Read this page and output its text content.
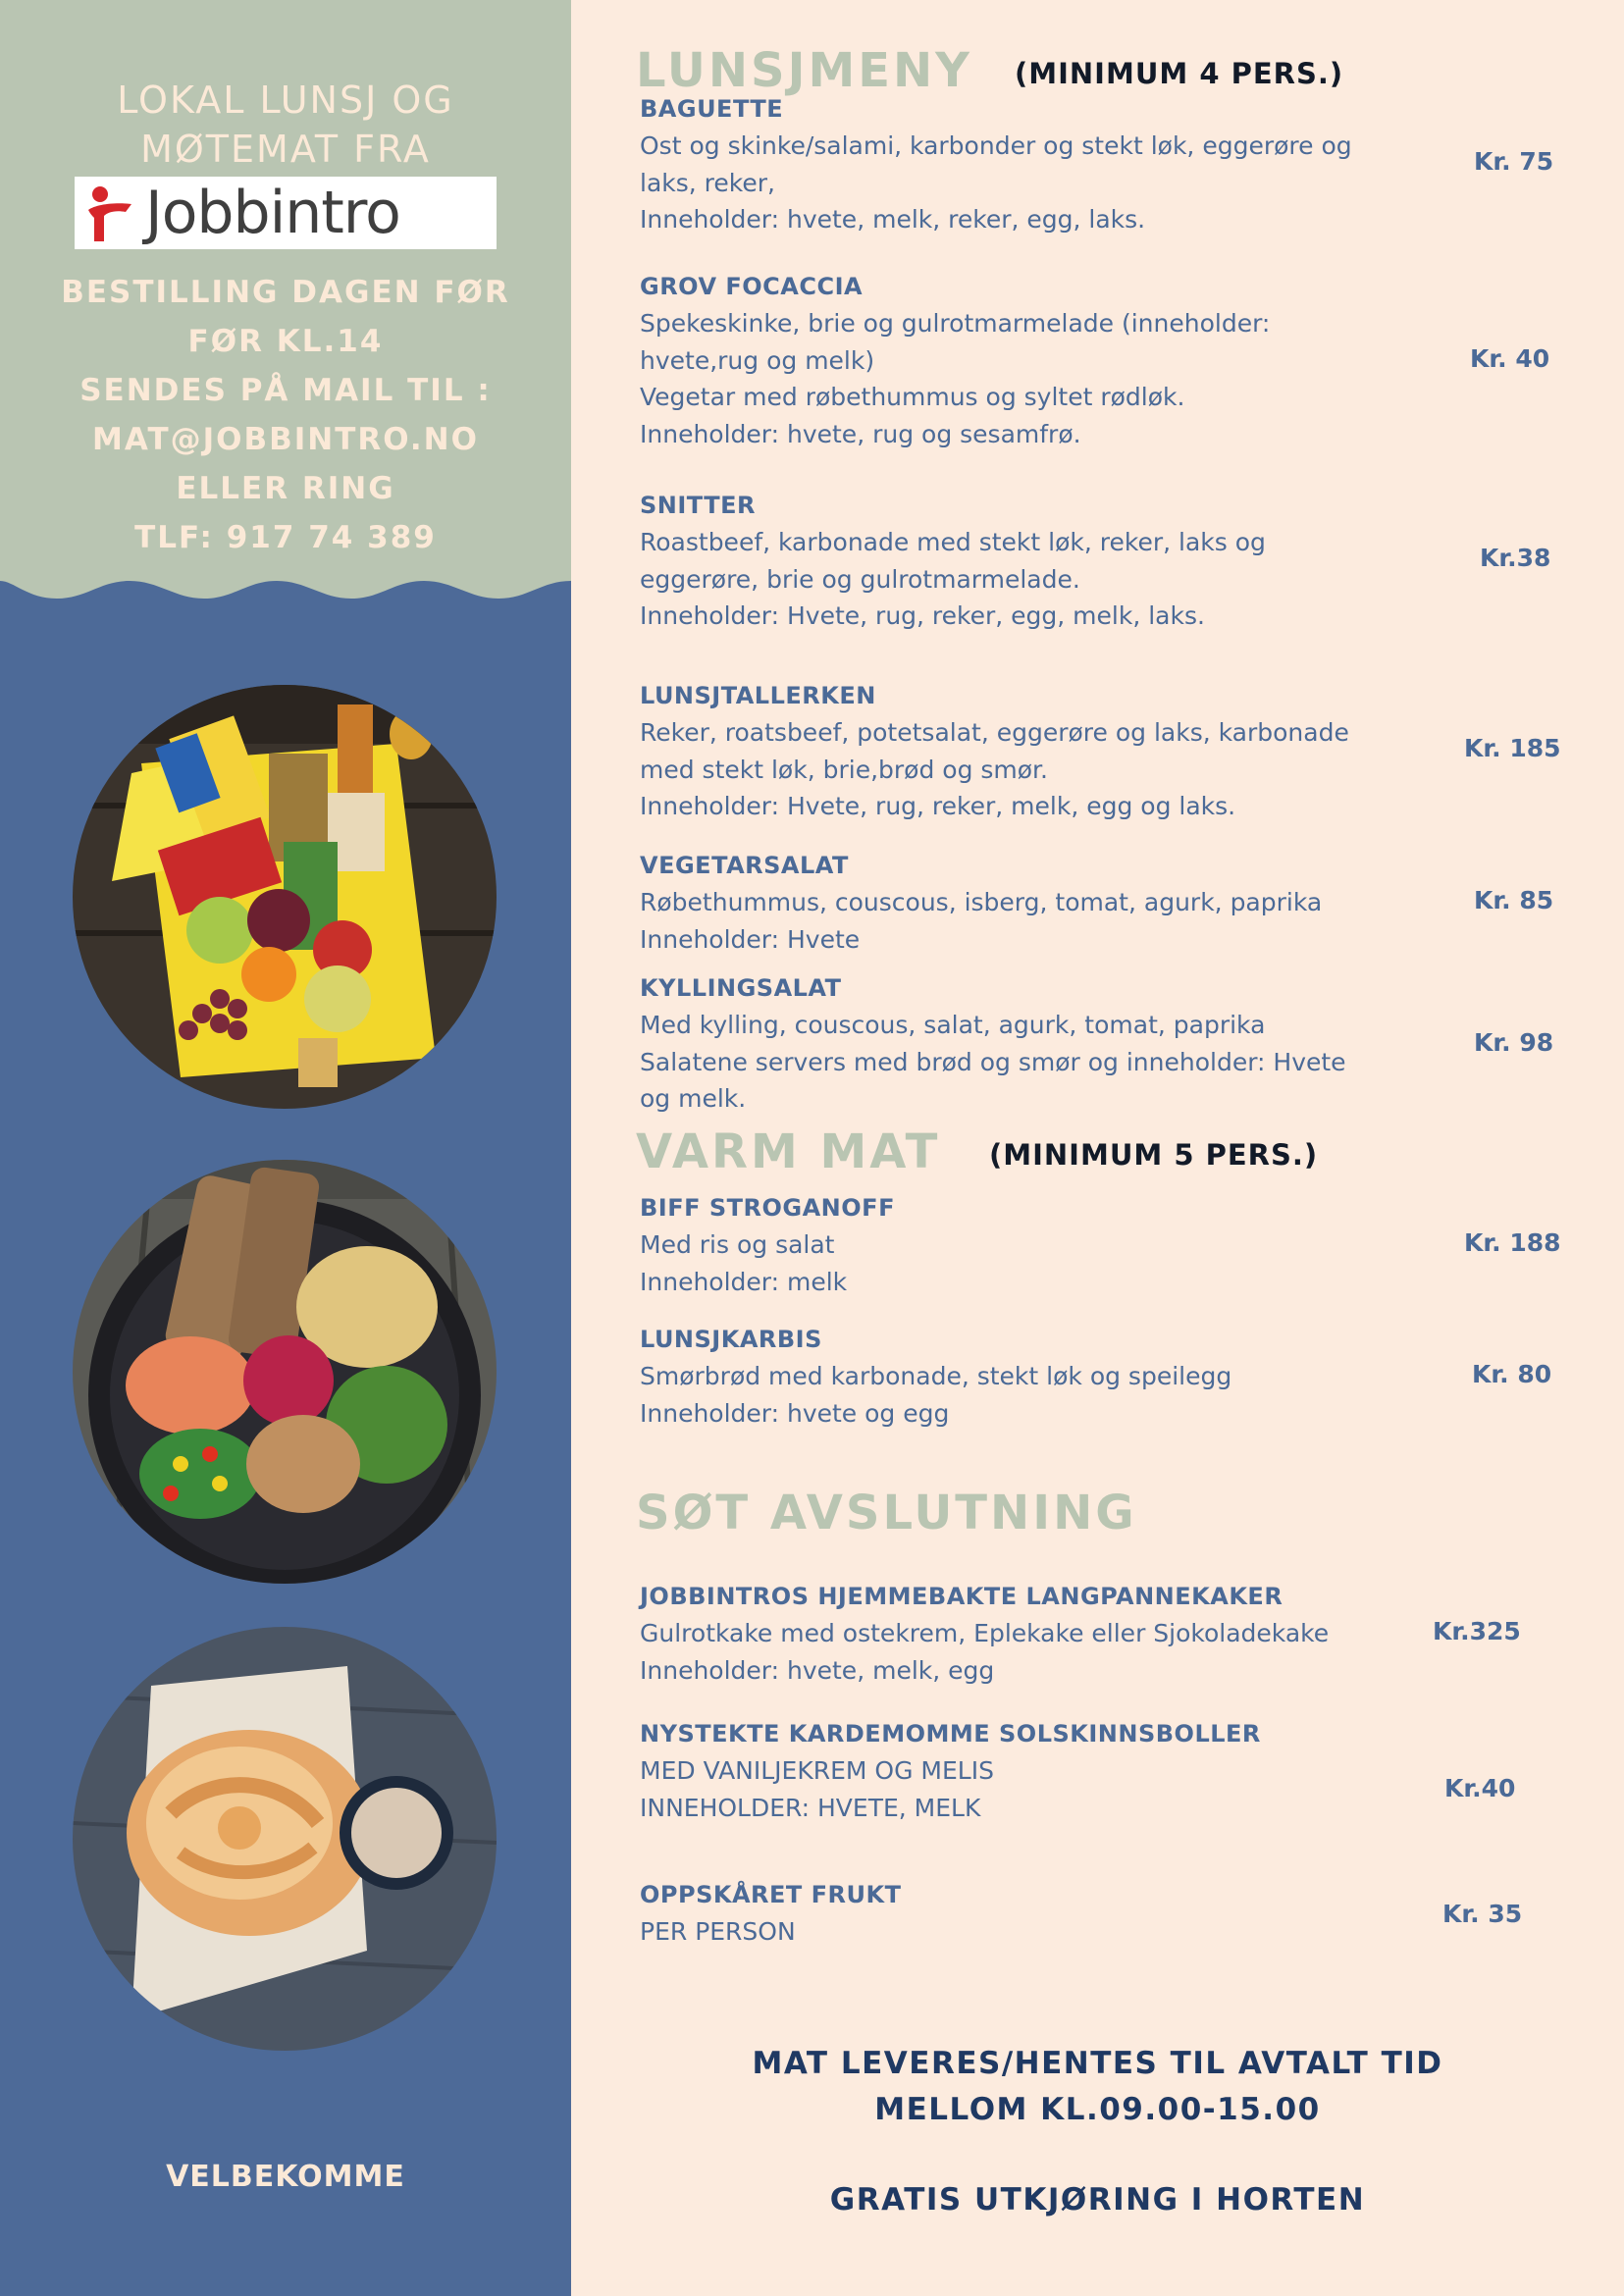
LOKAL LUNSJ OG
MØTEMAT FRA
Jobbintro
BESTILLING DAGEN FØR
FØR KL.14
SENDES PÅ MAIL TIL :
MAT@JOBBINTRO.NO
ELLER RING
TLF: 917 74 389
VELBEKOMME
LUNSJMENY (MINIMUM 4 PERS.)
BAGUETTE
Ost og skinke/salami, karbonder og stekt løk, eggerøre og
laks, reker,
Inneholder: hvete, melk, reker, egg, laks.
Kr. 75
GROV FOCACCIA
Spekeskinke, brie og gulrotmarmelade (inneholder:
hvete,rug og melk)
Vegetar med røbethummus og syltet rødløk.
Inneholder: hvete, rug og sesamfrø.
Kr. 40
SNITTER
Roastbeef, karbonade med stekt løk, reker, laks og
eggerøre, brie og gulrotmarmelade.
Inneholder: Hvete, rug, reker, egg, melk, laks.
Kr.38
LUNSJTALLERKEN
Reker, roatsbeef, potetsalat, eggerøre og laks, karbonade
med stekt løk, brie,brød og smør.
Inneholder: Hvete, rug, reker, melk, egg og laks.
Kr. 185
VEGETARSALAT
Røbethummus, couscous, isberg, tomat, agurk, paprika
Inneholder: Hvete
Kr. 85
KYLLINGSALAT
Med kylling, couscous, salat, agurk, tomat, paprika
Salatene servers med brød og smør og inneholder: Hvete
og melk.
Kr. 98
VARM MAT (MINIMUM 5 PERS.)
BIFF STROGANOFF
Med ris og salat
Inneholder: melk
Kr. 188
LUNSJKARBIS
Smørbrød med karbonade, stekt løk og speilegg
Inneholder: hvete og egg
Kr. 80
SØT AVSLUTNING
JOBBINTROS HJEMMEBAKTE LANGPANNEKAKER
Gulrotkake med ostekrem, Eplekake eller Sjokoladekake
Inneholder: hvete, melk, egg
Kr.325
NYSTEKTE KARDEMOMME SOLSKINNSBOLLER
MED VANILJEKREM OG MELIS
INNEHOLDER: HVETE, MELK
Kr.40
OPPSKÅRET FRUKT
PER PERSON
Kr. 35
MAT LEVERES/HENTES TIL AVTALT TID
MELLOM KL.09.00-15.00
GRATIS UTKJØRING I HORTEN
